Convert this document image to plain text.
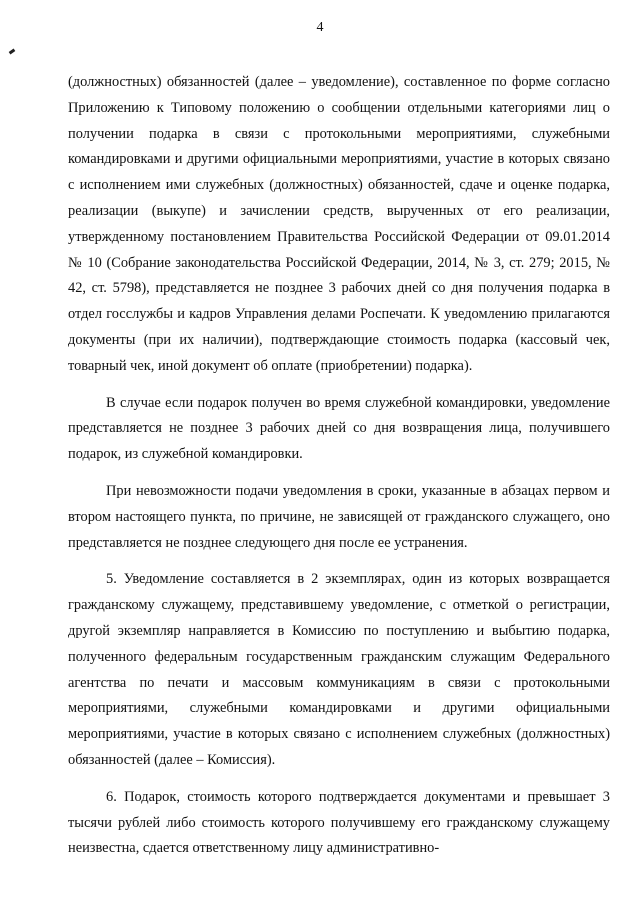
4

(должностных) обязанностей (далее – уведомление), составленное по форме согласно Приложению к Типовому положению о сообщении отдельными категориями лиц о получении подарка в связи с протокольными мероприятиями, служебными командировками и другими официальными мероприятиями, участие в которых связано с исполнением ими служебных (должностных) обязанностей, сдаче и оценке подарка, реализации (выкупе) и зачислении средств, вырученных от его реализации, утвержденному постановлением Правительства Российской Федерации от 09.01.2014 № 10 (Собрание законодательства Российской Федерации, 2014, № 3, ст. 279; 2015, № 42, ст. 5798), представляется не позднее 3 рабочих дней со дня получения подарка в отдел госслужбы и кадров Управления делами Роспечати. К уведомлению прилагаются документы (при их наличии), подтверждающие стоимость подарка (кассовый чек, товарный чек, иной документ об оплате (приобретении) подарка).

В случае если подарок получен во время служебной командировки, уведомление представляется не позднее 3 рабочих дней со дня возвращения лица, получившего подарок, из служебной командировки.

При невозможности подачи уведомления в сроки, указанные в абзацах первом и втором настоящего пункта, по причине, не зависящей от гражданского служащего, оно представляется не позднее следующего дня после ее устранения.

5. Уведомление составляется в 2 экземплярах, один из которых возвращается гражданскому служащему, представившему уведомление, с отметкой о регистрации, другой экземпляр направляется в Комиссию по поступлению и выбытию подарка, полученного федеральным государственным гражданским служащим Федерального агентства по печати и массовым коммуникациям в связи с протокольными мероприятиями, служебными командировками и другими официальными мероприятиями, участие в которых связано с исполнением служебных (должностных) обязанностей (далее – Комиссия).

6. Подарок, стоимость которого подтверждается документами и превышает 3 тысячи рублей либо стоимость которого получившему его гражданскому служащему неизвестна, сдается ответственному лицу административно-
